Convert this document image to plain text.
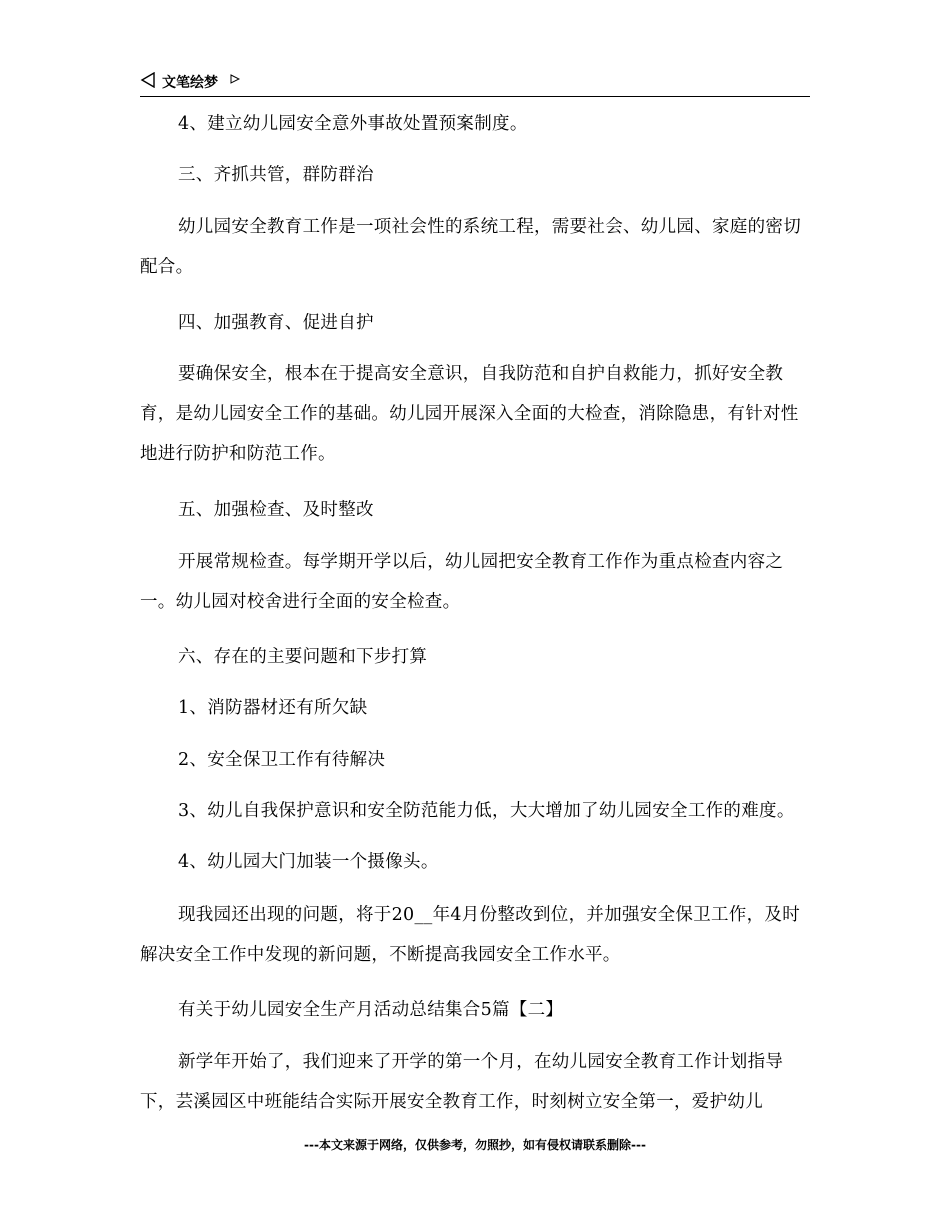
文笔绘梦
4、建立幼儿园安全意外事故处置预案制度。
三、齐抓共管，群防群治
幼儿园安全教育工作是一项社会性的系统工程，需要社会、幼儿园、家庭的密切配合。
四、加强教育、促进自护
要确保安全，根本在于提高安全意识，自我防范和自护自救能力，抓好安全教育，是幼儿园安全工作的基础。幼儿园开展深入全面的大检查，消除隐患，有针对性地进行防护和防范工作。
五、加强检查、及时整改
开展常规检查。每学期开学以后，幼儿园把安全教育工作作为重点检查内容之一。幼儿园对校舍进行全面的安全检查。
六、存在的主要问题和下步打算
1、消防器材还有所欠缺
2、安全保卫工作有待解决
3、幼儿自我保护意识和安全防范能力低，大大增加了幼儿园安全工作的难度。
4、幼儿园大门加装一个摄像头。
现我园还出现的问题，将于20__年4月份整改到位，并加强安全保卫工作，及时解决安全工作中发现的新问题，不断提高我园安全工作水平。
有关于幼儿园安全生产月活动总结集合5篇【二】
新学年开始了，我们迎来了开学的第一个月，在幼儿园安全教育工作计划指导下，芸溪园区中班能结合实际开展安全教育工作，时刻树立安全第一，爱护幼儿
---本文来源于网络，仅供参考，勿照抄，如有侵权请联系删除---
